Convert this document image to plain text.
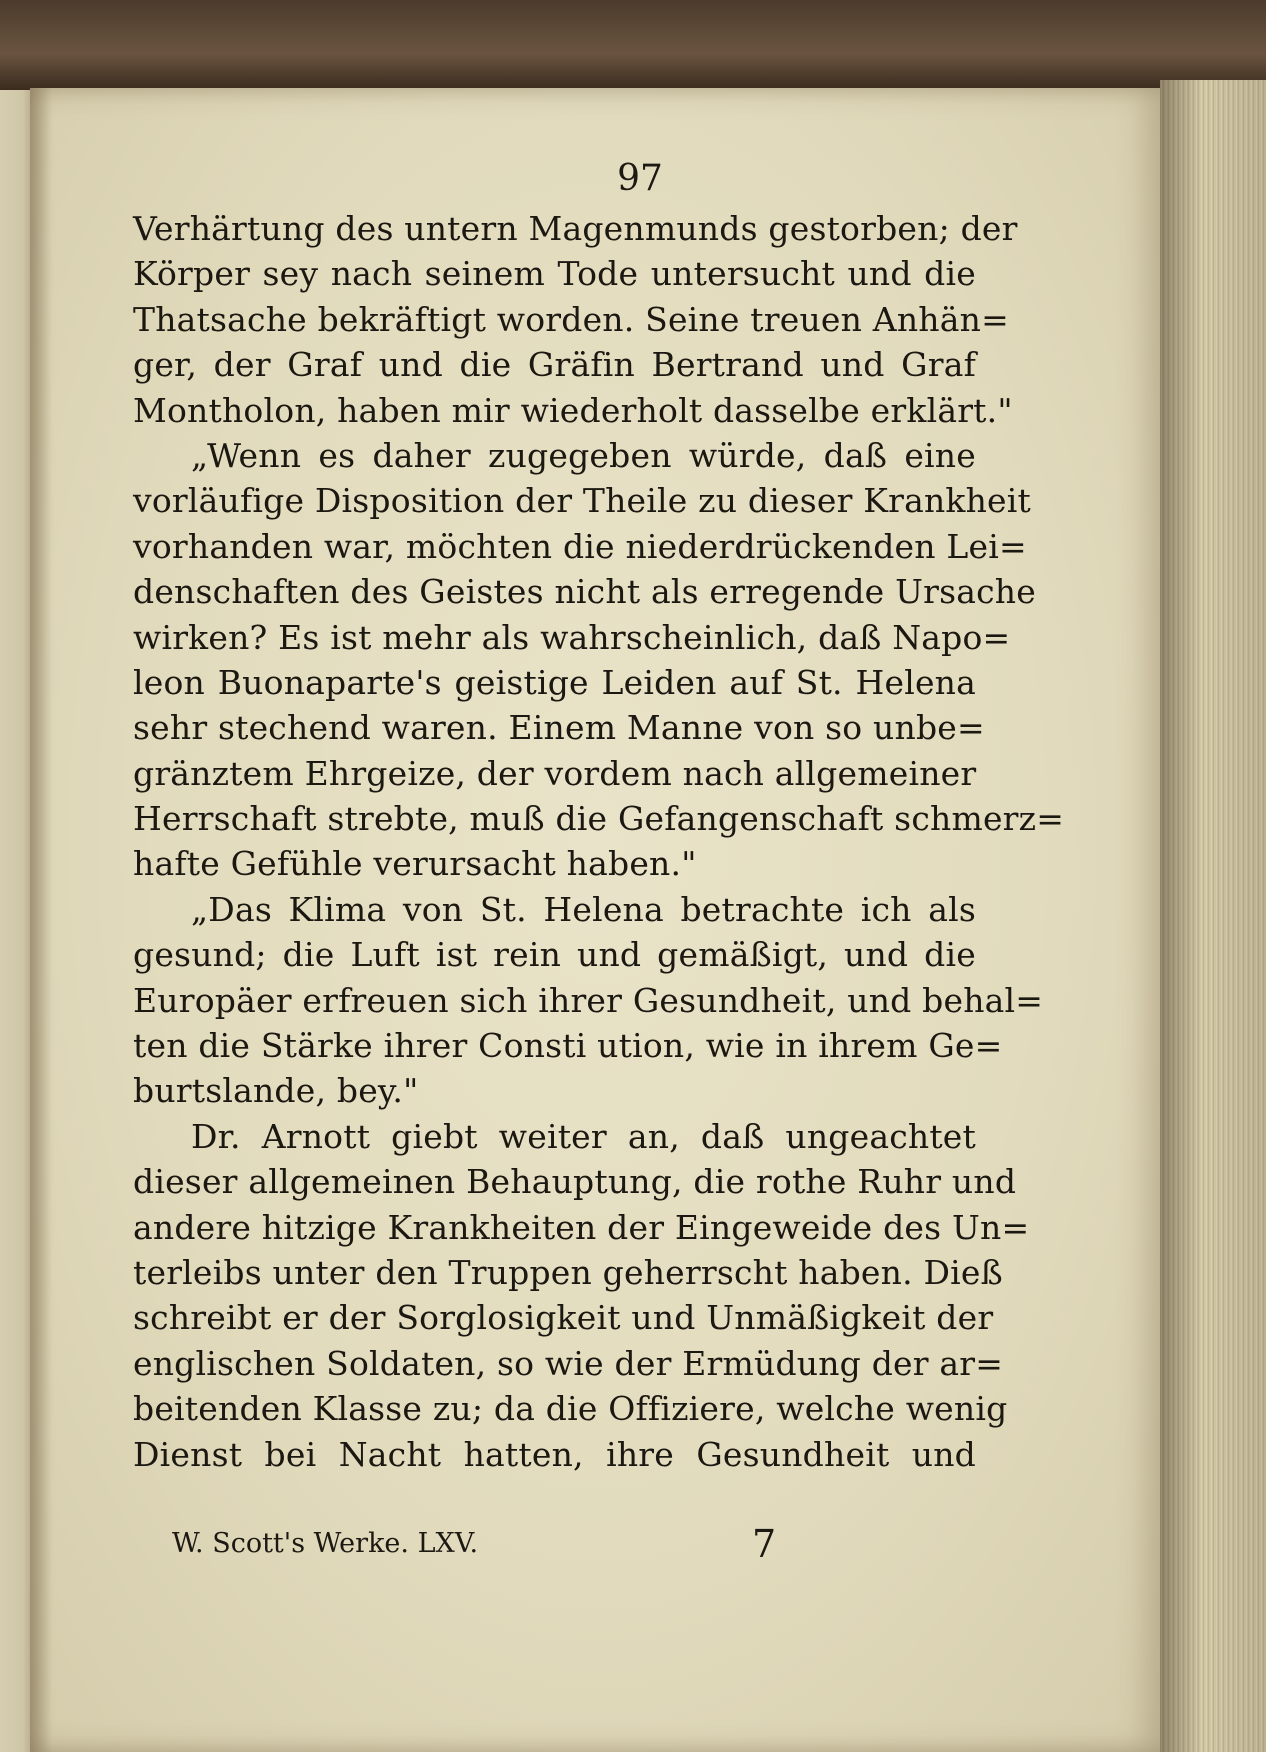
97
Verhärtung des untern Magenmunds gestorben; der
Körper sey nach seinem Tode untersucht und die
Thatsache bekräftigt worden. Seine treuen Anhän=
ger, der Graf und die Gräfin Bertrand und Graf
Montholon, haben mir wiederholt dasselbe erklärt."
„Wenn es daher zugegeben würde, daß eine
vorläufige Disposition der Theile zu dieser Krankheit
vorhanden war, möchten die niederdrückenden Lei=
denschaften des Geistes nicht als erregende Ursache
wirken? Es ist mehr als wahrscheinlich, daß Napo=
leon Buonaparte's geistige Leiden auf St. Helena
sehr stechend waren. Einem Manne von so unbe=
gränztem Ehrgeize, der vordem nach allgemeiner
Herrschaft strebte, muß die Gefangenschaft schmerz=
hafte Gefühle verursacht haben."
„Das Klima von St. Helena betrachte ich als
gesund; die Luft ist rein und gemäßigt, und die
Europäer erfreuen sich ihrer Gesundheit, und behal=
ten die Stärke ihrer Consti ution, wie in ihrem Ge=
burtslande, bey."
Dr. Arnott giebt weiter an, daß ungeachtet
dieser allgemeinen Behauptung, die rothe Ruhr und
andere hitzige Krankheiten der Eingeweide des Un=
terleibs unter den Truppen geherrscht haben. Dieß
schreibt er der Sorglosigkeit und Unmäßigkeit der
englischen Soldaten, so wie der Ermüdung der ar=
beitenden Klasse zu; da die Offiziere, welche wenig
Dienst bei Nacht hatten, ihre Gesundheit und
W. Scott's Werke. LXV.	7
